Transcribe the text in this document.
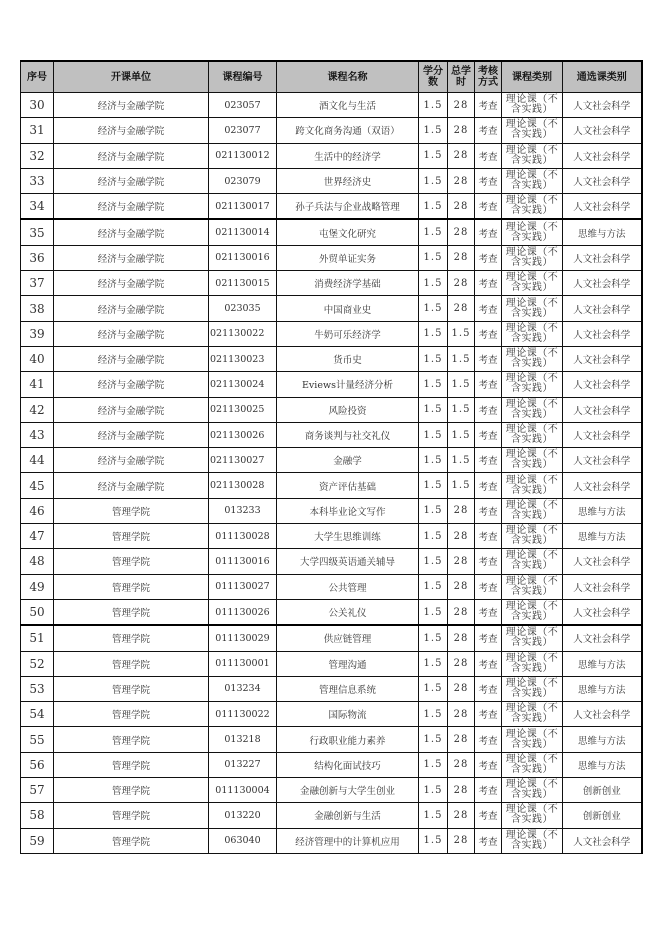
序号	开课单位	课程编号	课程名称	学分数	总学时	考核方式	课程类别	通选课类别
30	经济与金融学院	023057	酒文化与生活	1.5	28	考查	理论课（不含实践）	人文社会科学
31	经济与金融学院	023077	跨文化商务沟通（双语）	1.5	28	考查	理论课（不含实践）	人文社会科学
32	经济与金融学院	021130012	生活中的经济学	1.5	28	考查	理论课（不含实践）	人文社会科学
33	经济与金融学院	023079	世界经济史	1.5	28	考查	理论课（不含实践）	人文社会科学
34	经济与金融学院	021130017	孙子兵法与企业战略管理	1.5	28	考查	理论课（不含实践）	人文社会科学
35	经济与金融学院	021130014	屯堡文化研究	1.5	28	考查	理论课（不含实践）	思维与方法
36	经济与金融学院	021130016	外贸单证实务	1.5	28	考查	理论课（不含实践）	人文社会科学
37	经济与金融学院	021130015	消费经济学基础	1.5	28	考查	理论课（不含实践）	人文社会科学
38	经济与金融学院	023035	中国商业史	1.5	28	考查	理论课（不含实践）	人文社会科学
39	经济与金融学院	021130022	牛奶可乐经济学	1.5	1.5	考查	理论课（不含实践）	人文社会科学
40	经济与金融学院	021130023	货币史	1.5	1.5	考查	理论课（不含实践）	人文社会科学
41	经济与金融学院	021130024	Eviews计量经济分析	1.5	1.5	考查	理论课（不含实践）	人文社会科学
42	经济与金融学院	021130025	风险投资	1.5	1.5	考查	理论课（不含实践）	人文社会科学
43	经济与金融学院	021130026	商务谈判与社交礼仪	1.5	1.5	考查	理论课（不含实践）	人文社会科学
44	经济与金融学院	021130027	金融学	1.5	1.5	考查	理论课（不含实践）	人文社会科学
45	经济与金融学院	021130028	资产评估基础	1.5	1.5	考查	理论课（不含实践）	人文社会科学
46	管理学院	013233	本科毕业论文写作	1.5	28	考查	理论课（不含实践）	思维与方法
47	管理学院	011130028	大学生思维训练	1.5	28	考查	理论课（不含实践）	思维与方法
48	管理学院	011130016	大学四级英语通关辅导	1.5	28	考查	理论课（不含实践）	人文社会科学
49	管理学院	011130027	公共管理	1.5	28	考查	理论课（不含实践）	人文社会科学
50	管理学院	011130026	公关礼仪	1.5	28	考查	理论课（不含实践）	人文社会科学
51	管理学院	011130029	供应链管理	1.5	28	考查	理论课（不含实践）	人文社会科学
52	管理学院	011130001	管理沟通	1.5	28	考查	理论课（不含实践）	思维与方法
53	管理学院	013234	管理信息系统	1.5	28	考查	理论课（不含实践）	思维与方法
54	管理学院	011130022	国际物流	1.5	28	考查	理论课（不含实践）	人文社会科学
55	管理学院	013218	行政职业能力素养	1.5	28	考查	理论课（不含实践）	思维与方法
56	管理学院	013227	结构化面试技巧	1.5	28	考查	理论课（不含实践）	思维与方法
57	管理学院	011130004	金融创新与大学生创业	1.5	28	考查	理论课（不含实践）	创新创业
58	管理学院	013220	金融创新与生活	1.5	28	考查	理论课（不含实践）	创新创业
59	管理学院	063040	经济管理中的计算机应用	1.5	28	考查	理论课（不含实践）	人文社会科学
